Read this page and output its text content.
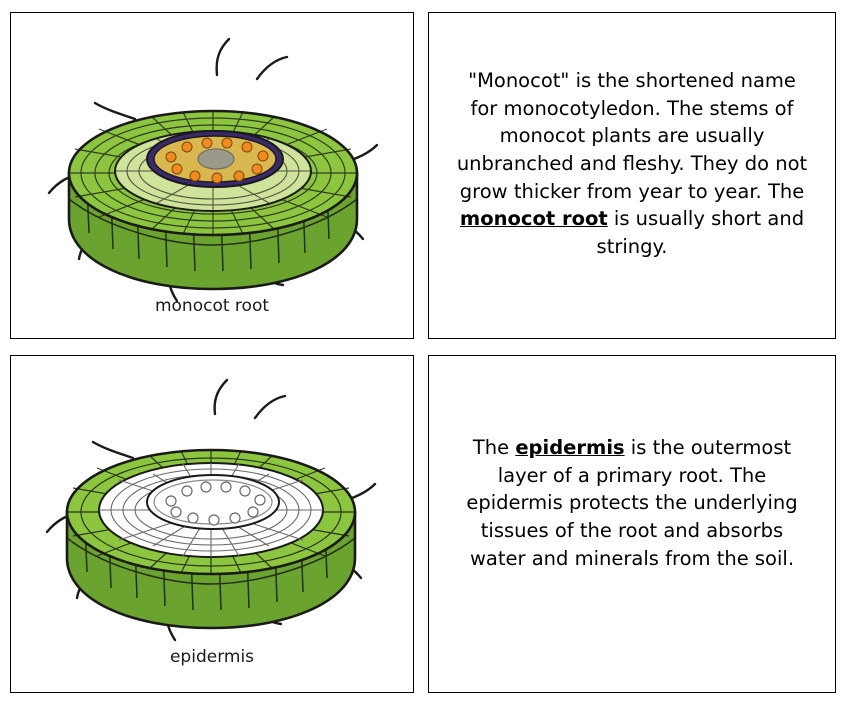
monocot root
"Monocot" is the shortened name for monocotyledon. The stems of monocot plants are usually unbranched and fleshy. They do not grow thicker from year to year. The monocot root is usually short and stringy.
epidermis
The epidermis is the outermost layer of a primary root. The epidermis protects the underlying tissues of the root and absorbs water and minerals from the soil.
